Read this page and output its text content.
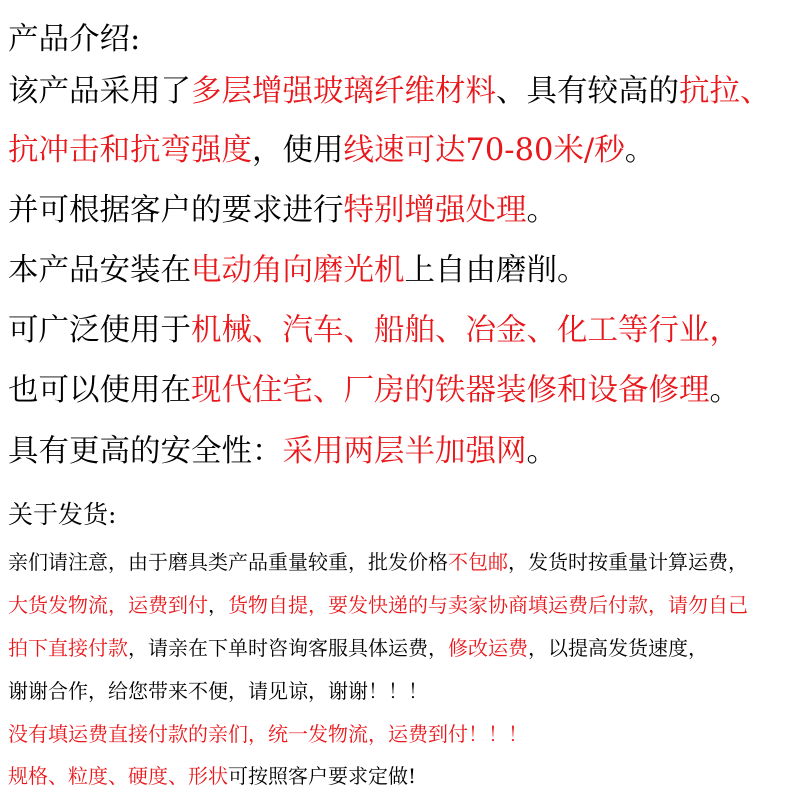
产品介绍:
该产品采用了多层增强玻璃纤维材料、具有较高的抗拉、
抗冲击和抗弯强度，使用线速可达70-80米/秒。
并可根据客户的要求进行特别增强处理。
本产品安装在电动角向磨光机上自由磨削。
可广泛使用于机械、汽车、船舶、冶金、化工等行业，
也可以使用在现代住宅、厂房的铁器装修和设备修理。
具有更高的安全性：采用两层半加强网。
关于发货:
亲们请注意，由于磨具类产品重量较重，批发价格不包邮，发货时按重量计算运费，
大货发物流，运费到付，货物自提，要发快递的与卖家协商填运费后付款，请勿自己
拍下直接付款，请亲在下单时咨询客服具体运费，修改运费，以提高发货速度，
谢谢合作，给您带来不便，请见谅，谢谢！！！
没有填运费直接付款的亲们，统一发物流，运费到付！！！
规格、粒度、硬度、形状可按照客户要求定做!
